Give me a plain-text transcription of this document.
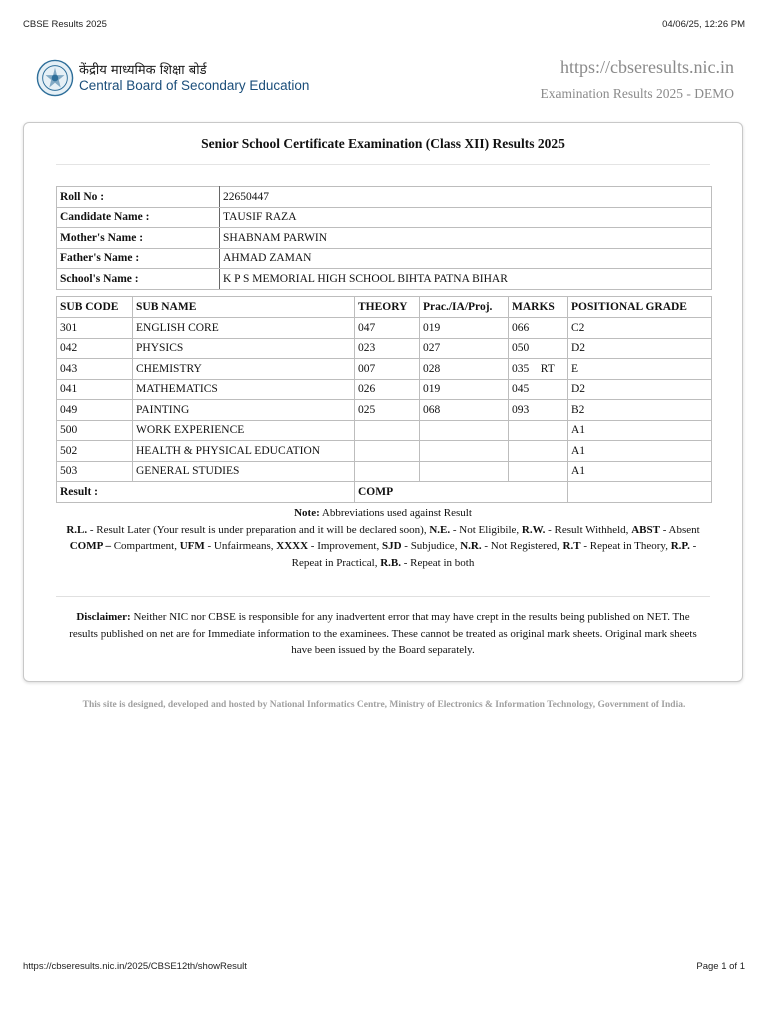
CBSE Results 2025	04/06/25, 12:26 PM
केंद्रीय माध्यमिक शिक्षा बोर्ड
Central Board of Secondary Education
https://cbseresults.nic.in
Examination Results 2025 - DEMO
Senior School Certificate Examination (Class XII) Results 2025
Roll No :	22650447
Candidate Name :	TAUSIF RAZA
Mother's Name :	SHABNAM PARWIN
Father's Name :	AHMAD ZAMAN
School's Name :	K P S MEMORIAL HIGH SCHOOL BIHTA PATNA BIHAR
SUB CODE	SUB NAME	THEORY	Prac./IA/Proj.	MARKS	POSITIONAL GRADE
301	ENGLISH CORE	047	019	066	C2
042	PHYSICS	023	027	050	D2
043	CHEMISTRY	007	028	035    RT	E
041	MATHEMATICS	026	019	045	D2
049	PAINTING	025	068	093	B2
500	WORK EXPERIENCE				A1
502	HEALTH & PHYSICAL EDUCATION				A1
503	GENERAL STUDIES				A1
Result :		COMP			
Note: Abbreviations used against Result
R.L. - Result Later (Your result is under preparation and it will be declared soon), N.E. - Not Eligibile, R.W. - Result Withheld, ABST - Absent
COMP – Compartment, UFM - Unfairmeans, XXXX - Improvement, SJD - Subjudice, N.R. - Not Registered, R.T - Repeat in Theory, R.P. - Repeat in Practical, R.B. - Repeat in both
Disclaimer: Neither NIC nor CBSE is responsible for any inadvertent error that may have crept in the results being published on NET. The results published on net are for Immediate information to the examinees. These cannot be treated as original mark sheets. Original mark sheets have been issued by the Board separately.
This site is designed, developed and hosted by National Informatics Centre, Ministry of Electronics & Information Technology, Government of India.
https://cbseresults.nic.in/2025/CBSE12th/showResult	Page 1 of 1
